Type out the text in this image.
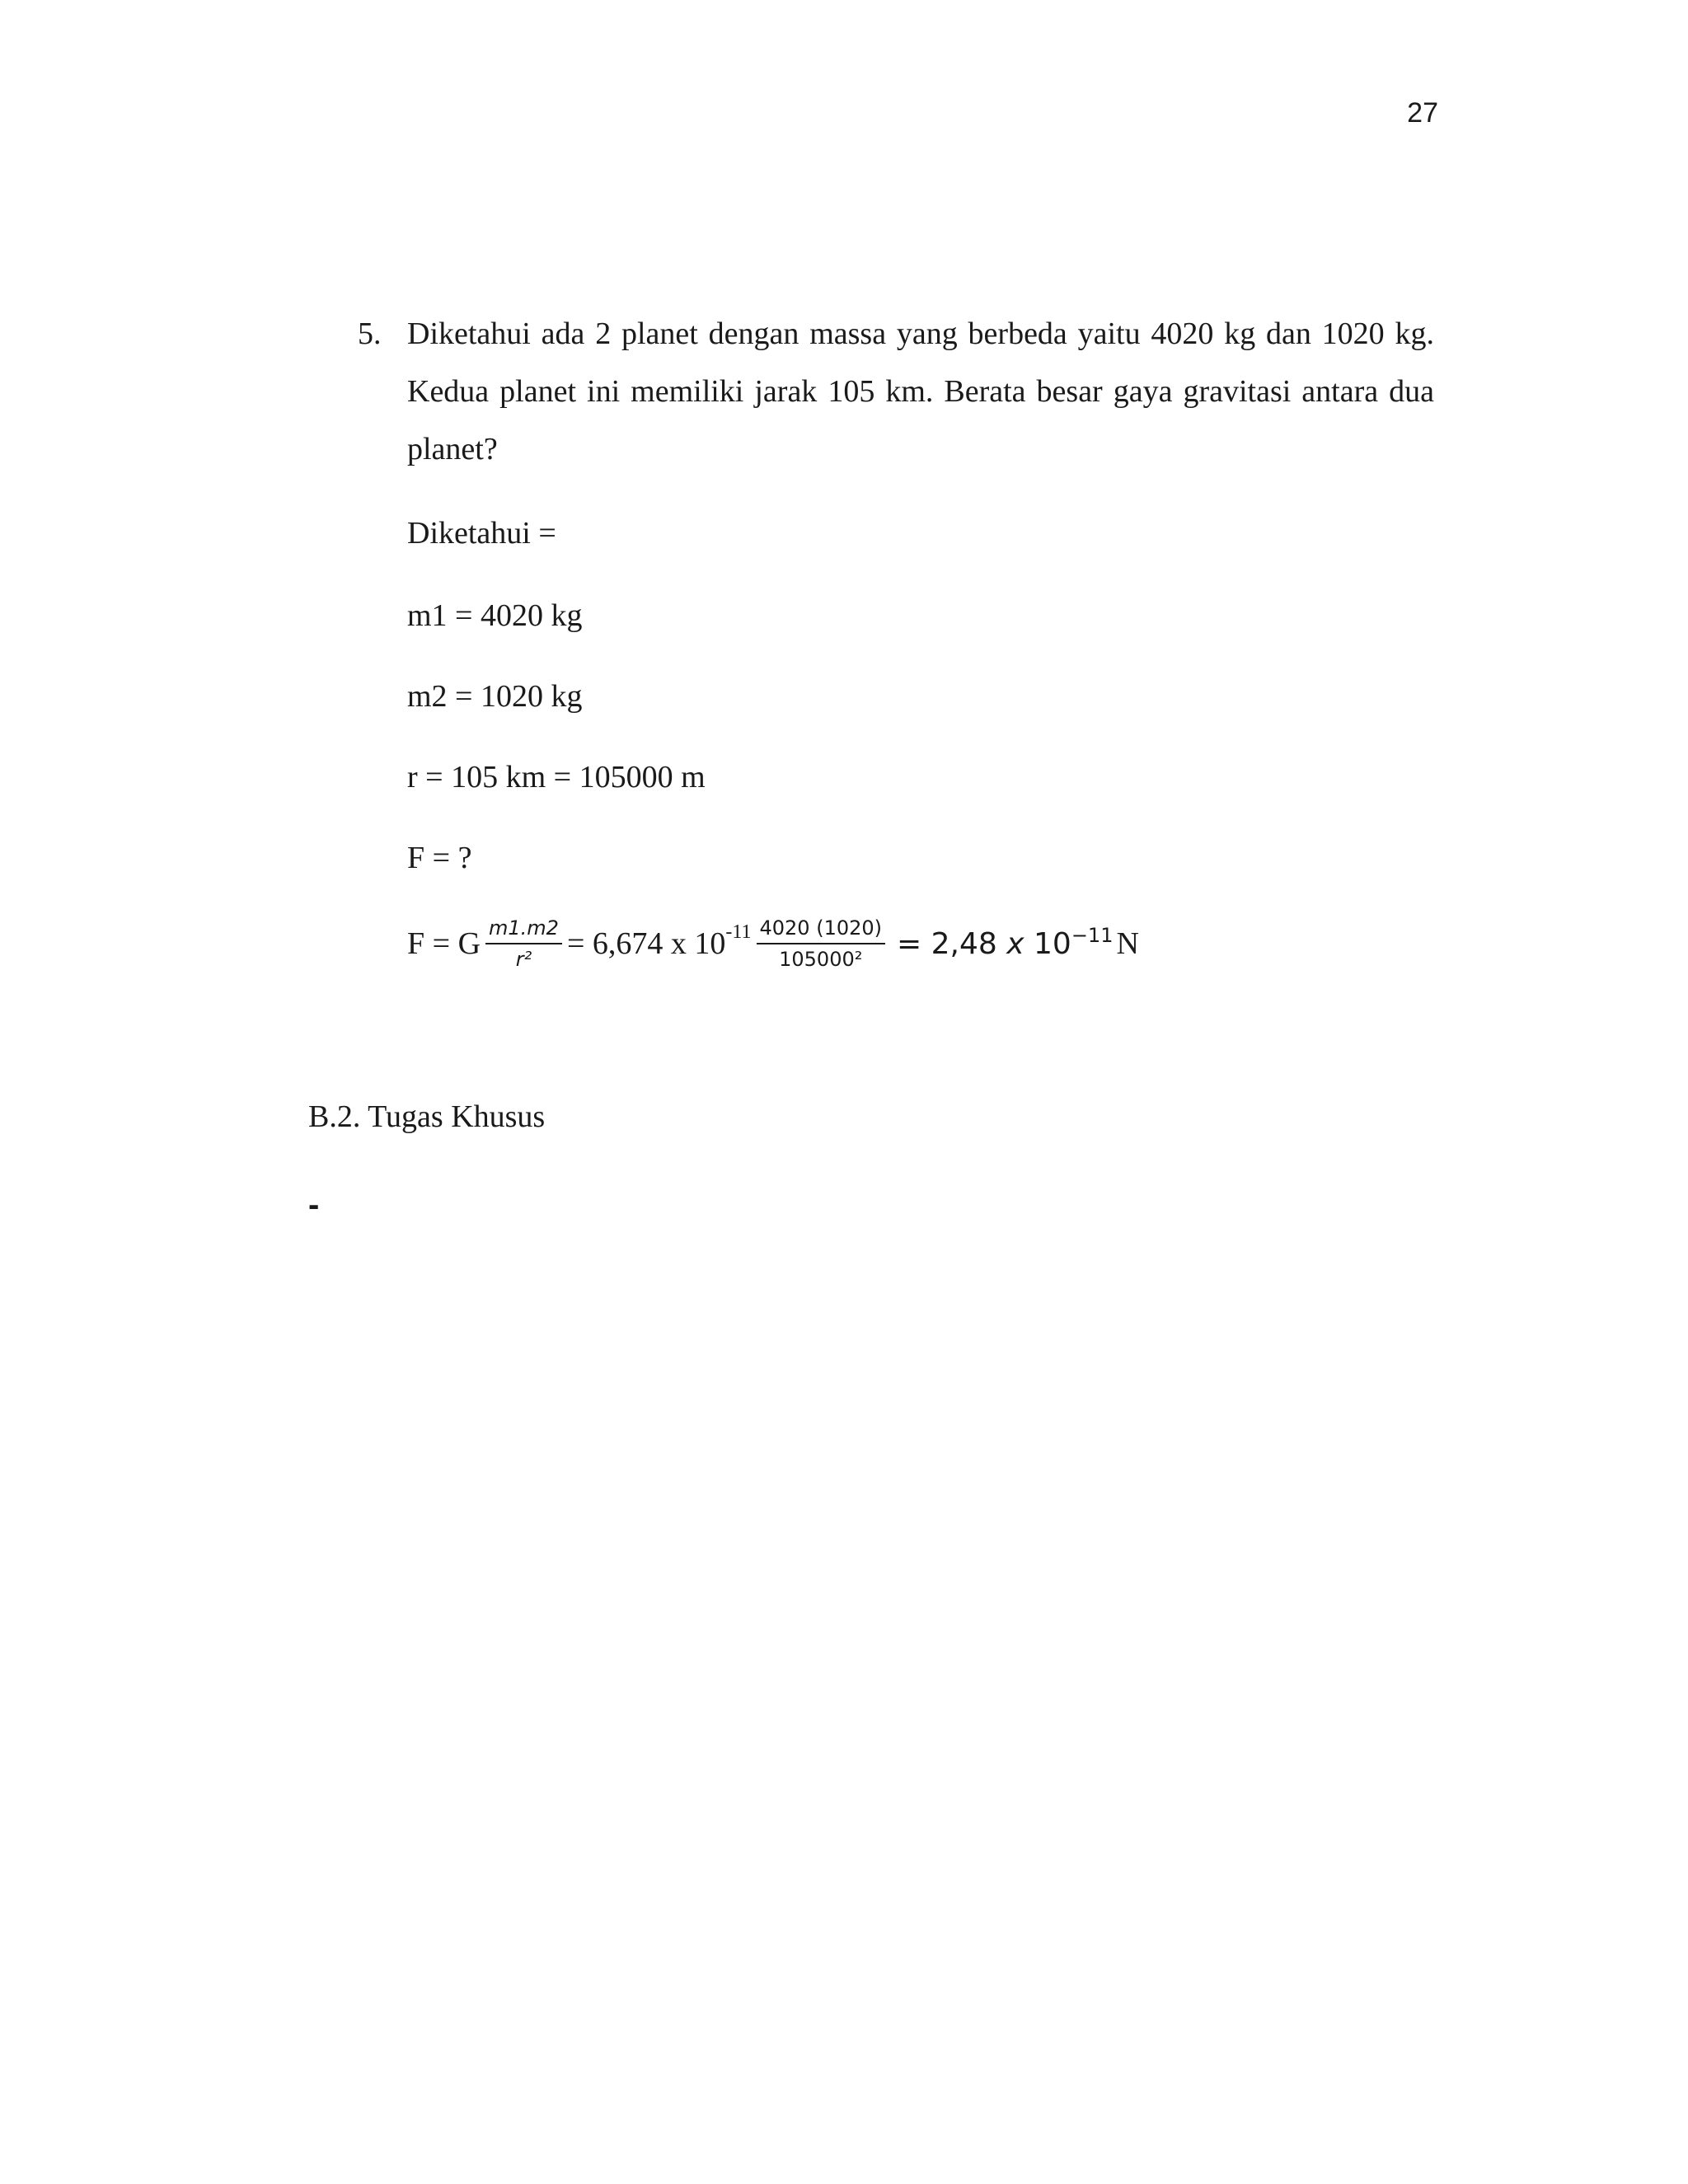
27
5. Diketahui ada 2 planet dengan massa yang berbeda yaitu 4020 kg dan 1020 kg. Kedua planet ini memiliki jarak 105 km. Berata besar gaya gravitasi antara dua planet?
Diketahui =
m1 = 4020 kg
m2 = 1020 kg
r = 105 km = 105000 m
F = ?
F = G $\frac{m1.m2}{\text{r²}} = 6,674$ x 10 $-11 \frac{4020 (1020)}{\text{105000²}} = 2,48$ x $10^{-11}$ N
B.2. Tugas Khusus
-
